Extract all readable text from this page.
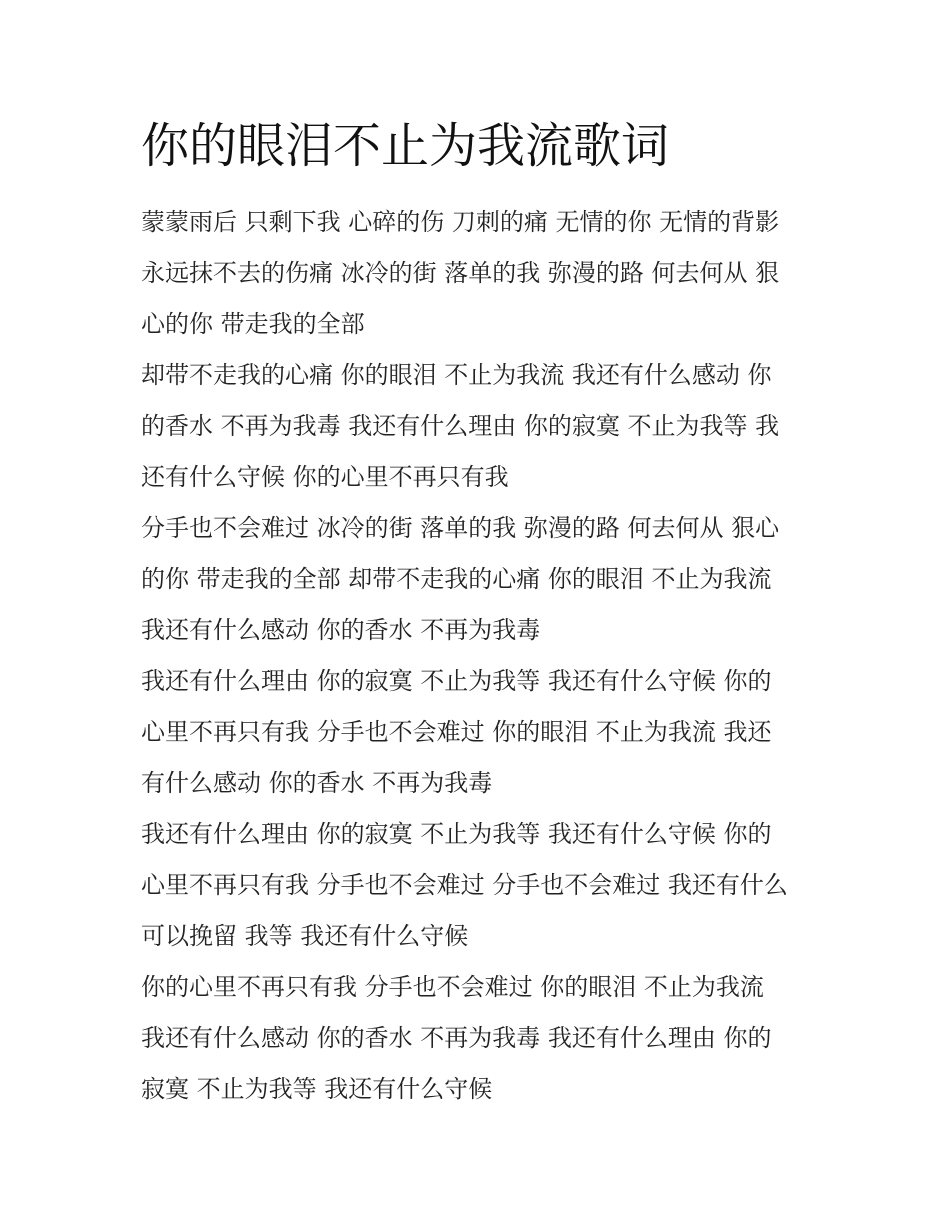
你的眼泪不止为我流歌词
蒙蒙雨后 只剩下我 心碎的伤 刀刺的痛 无情的你 无情的背影
永远抹不去的伤痛 冰冷的街 落单的我 弥漫的路 何去何从 狠
心的你 带走我的全部
却带不走我的心痛 你的眼泪 不止为我流 我还有什么感动 你
的香水 不再为我毒 我还有什么理由 你的寂寞 不止为我等 我
还有什么守候 你的心里不再只有我
分手也不会难过 冰冷的街 落单的我 弥漫的路 何去何从 狠心
的你 带走我的全部 却带不走我的心痛 你的眼泪 不止为我流
我还有什么感动 你的香水 不再为我毒
我还有什么理由 你的寂寞 不止为我等 我还有什么守候 你的
心里不再只有我 分手也不会难过 你的眼泪 不止为我流 我还
有什么感动 你的香水 不再为我毒
我还有什么理由 你的寂寞 不止为我等 我还有什么守候 你的
心里不再只有我 分手也不会难过 分手也不会难过 我还有什么
可以挽留 我等 我还有什么守候
你的心里不再只有我 分手也不会难过 你的眼泪 不止为我流
我还有什么感动 你的香水 不再为我毒 我还有什么理由 你的
寂寞 不止为我等 我还有什么守候
